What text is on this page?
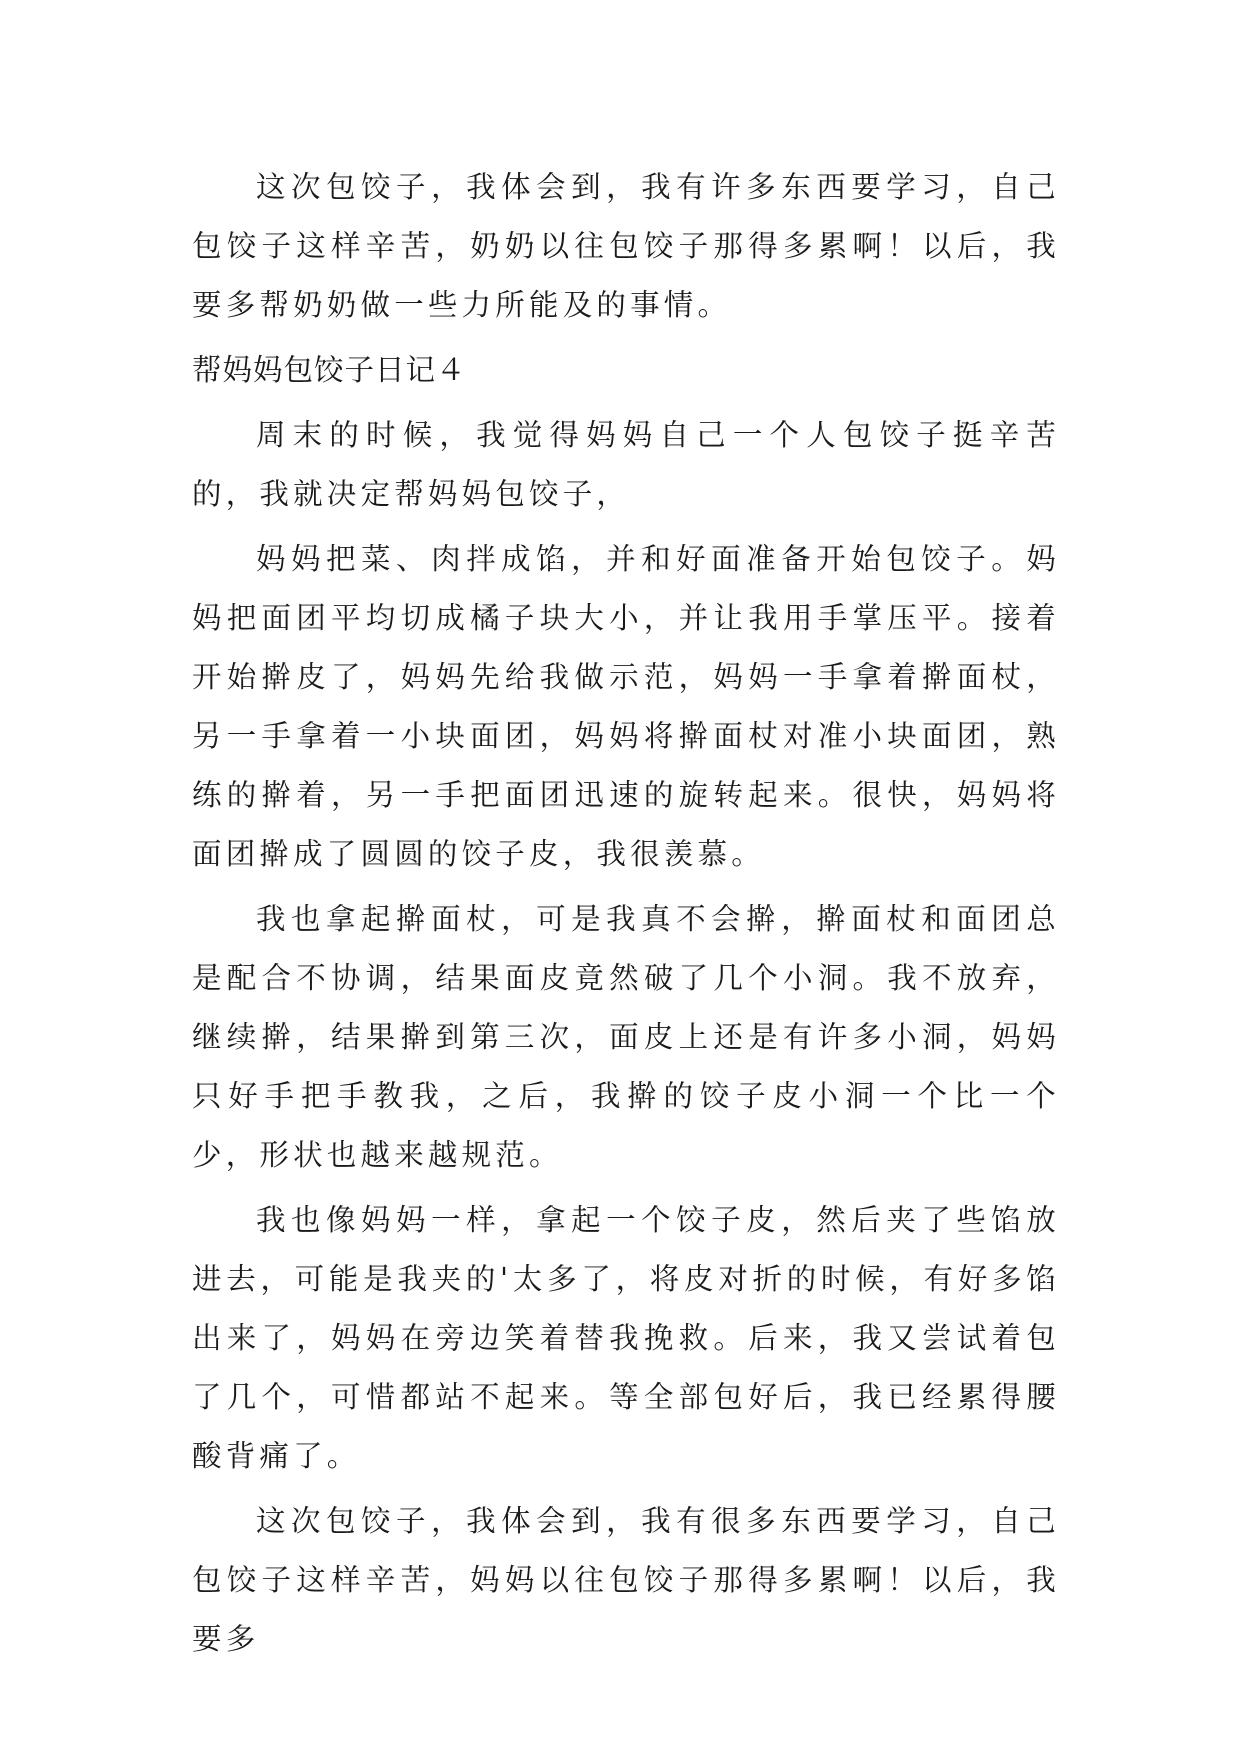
这次包饺子，我体会到，我有许多东西要学习，自己包饺子这样辛苦，奶奶以往包饺子那得多累啊！以后，我要多帮奶奶做一些力所能及的事情。

帮妈妈包饺子日记４

周末的时候，我觉得妈妈自己一个人包饺子挺辛苦的，我就决定帮妈妈包饺子，

妈妈把菜、肉拌成馅，并和好面准备开始包饺子。妈妈把面团平均切成橘子块大小，并让我用手掌压平。接着开始擀皮了，妈妈先给我做示范，妈妈一手拿着擀面杖，另一手拿着一小块面团，妈妈将擀面杖对准小块面团，熟练的擀着，另一手把面团迅速的旋转起来。很快，妈妈将面团擀成了圆圆的饺子皮，我很羡慕。

我也拿起擀面杖，可是我真不会擀，擀面杖和面团总是配合不协调，结果面皮竟然破了几个小洞。我不放弃，继续擀，结果擀到第三次，面皮上还是有许多小洞，妈妈只好手把手教我，之后，我擀的饺子皮小洞一个比一个少，形状也越来越规范。

我也像妈妈一样，拿起一个饺子皮，然后夹了些馅放进去，可能是我夹的'太多了，将皮对折的时候，有好多馅出来了，妈妈在旁边笑着替我挽救。后来，我又尝试着包了几个，可惜都站不起来。等全部包好后，我已经累得腰酸背痛了。

这次包饺子，我体会到，我有很多东西要学习，自己包饺子这样辛苦，妈妈以往包饺子那得多累啊！以后，我要多
